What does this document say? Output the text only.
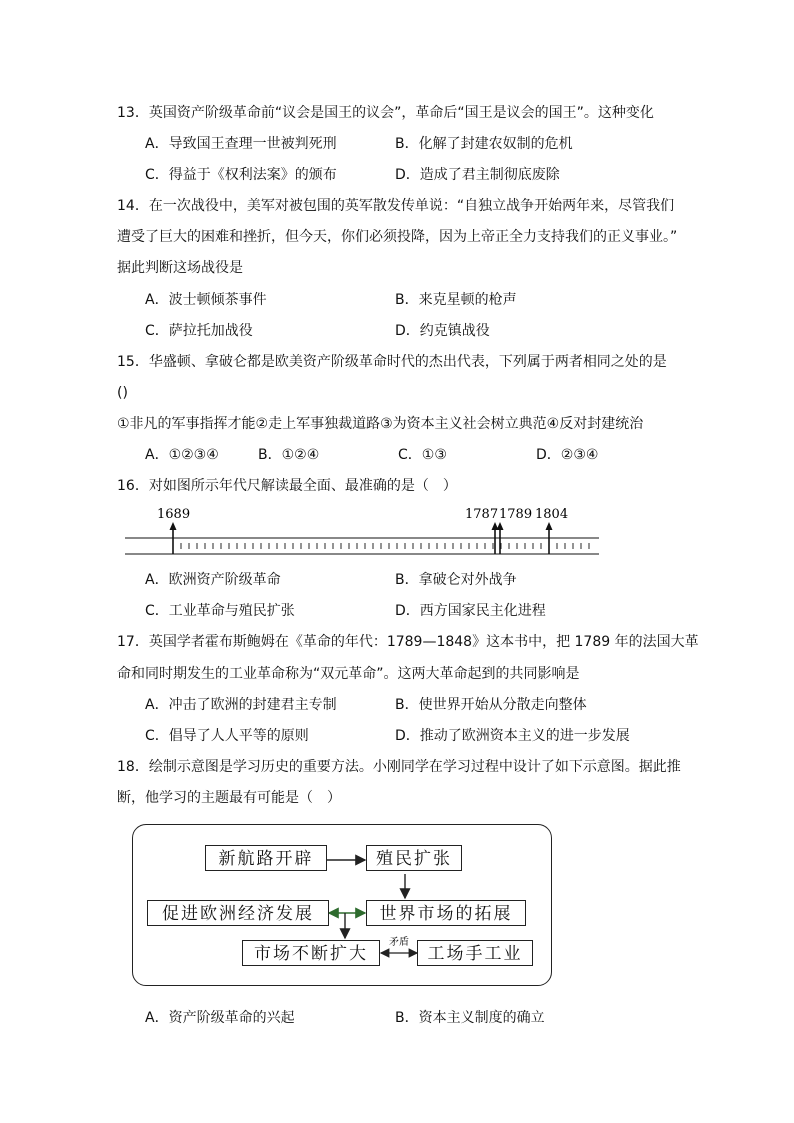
13．英国资产阶级革命前“议会是国王的议会”，革命后“国王是议会的国王”。这种变化
A．导致国王查理一世被判死刑	B．化解了封建农奴制的危机
C．得益于《权利法案》的颁布	D．造成了君主制彻底废除
14．在一次战役中，美军对被包围的英军散发传单说：“自独立战争开始两年来，尽管我们
遭受了巨大的困难和挫折，但今天，你们必须投降，因为上帝正全力支持我们的正义事业。”
据此判断这场战役是
A．波士顿倾茶事件	B．来克星顿的枪声
C．萨拉托加战役	D．约克镇战役
15．华盛顿、拿破仑都是欧美资产阶级革命时代的杰出代表，下列属于两者相同之处的是
()
①非凡的军事指挥才能②走上军事独裁道路③为资本主义社会树立典范④反对封建统治
A．①②③④	B．①②④	C．①③	D．②③④
16．对如图所示年代尺解读最全面、最准确的是（　）
1689	1787 1789 1804
A．欧洲资产阶级革命	B．拿破仑对外战争
C．工业革命与殖民扩张	D．西方国家民主化进程
17．英国学者霍布斯鲍姆在《革命的年代：1789—1848》这本书中，把 1789 年的法国大革
命和同时期发生的工业革命称为“双元革命”。这两大革命起到的共同影响是
A．冲击了欧洲的封建君主专制	B．使世界开始从分散走向整体
C．倡导了人人平等的原则	D．推动了欧洲资本主义的进一步发展
18．绘制示意图是学习历史的重要方法。小刚同学在学习过程中设计了如下示意图。据此推
断，他学习的主题最有可能是（　）
矛盾
新航路开辟	殖民扩张
促进欧洲经济发展	世界市场的拓展
市场不断扩大	工场手工业
A．资产阶级革命的兴起	B．资本主义制度的确立
